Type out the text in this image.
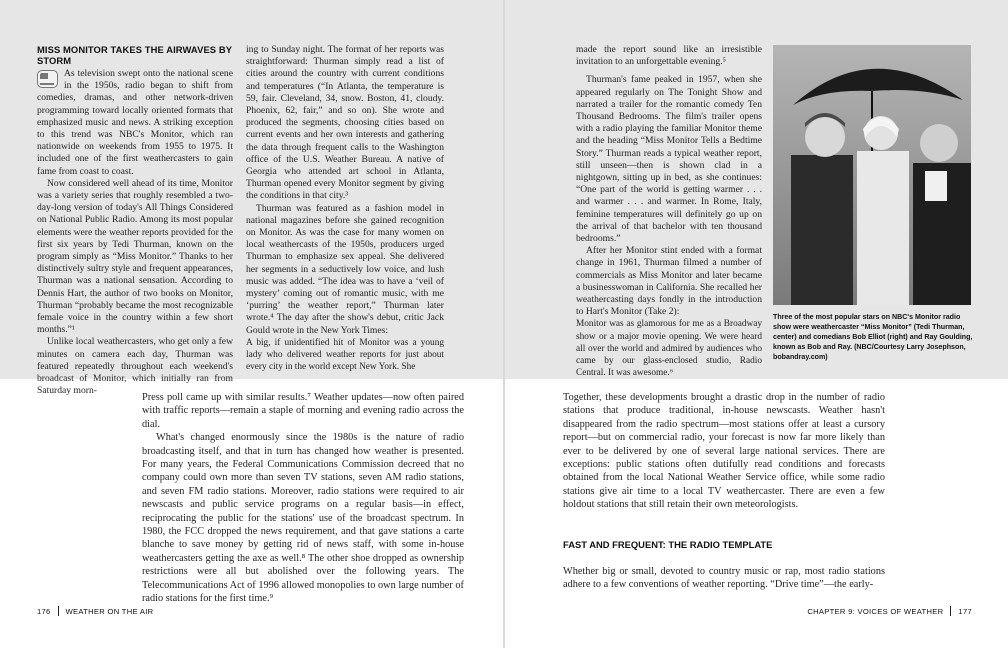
MISS MONITOR TAKES THE AIRWAVES BY STORM

As television swept onto the national scene in the 1950s, radio began to shift from comedies, dramas, and other network-driven programming toward locally oriented formats that emphasized music and news. A striking exception to this trend was NBC's Monitor, which ran nationwide on weekends from 1955 to 1975. It included one of the first weathercasters to gain fame from coast to coast.

Now considered well ahead of its time, Monitor was a variety series that roughly resembled a two-day-long version of today's All Things Considered on National Public Radio. Among its most popular elements were the weather reports provided for the first six years by Tedi Thurman, known on the program simply as “Miss Monitor.” Thanks to her distinctively sultry style and frequent appearances, Thurman was a national sensation. According to Dennis Hart, the author of two books on Monitor, Thurman “probably became the most recognizable female voice in the country within a few short months.”¹

Unlike local weathercasters, who get only a few minutes on camera each day, Thurman was featured repeatedly throughout each weekend's broadcast of Monitor, which initially ran from Saturday morn-

ing to Sunday night. The format of her reports was straightforward: Thurman simply read a list of cities around the country with current conditions and temperatures (“In Atlanta, the temperature is 59, fair. Cleveland, 34, snow. Boston, 41, cloudy. Phoenix, 62, fair,” and so on). She wrote and produced the segments, choosing cities based on current events and her own interests and gathering the data through frequent calls to the Washington office of the U.S. Weather Bureau. A native of Georgia who attended art school in Atlanta, Thurman opened every Monitor segment by giving the conditions in that city.³

Thurman was featured as a fashion model in national magazines before she gained recognition on Monitor. As was the case for many women on local weathercasts of the 1950s, producers urged Thurman to emphasize sex appeal. She delivered her segments in a seductively low voice, and lush music was added. “The idea was to have a ‘veil of mystery’ coming out of romantic music, with me ‘purring’ the weather report,” Thurman later wrote.⁴ The day after the show's debut, critic Jack Gould wrote in the New York Times:

A big, if unidentified hit of Monitor was a young lady who delivered weather reports for just about every city in the world except New York. She

made the report sound like an irresistible invitation to an unforgettable evening.⁵

Thurman's fame peaked in 1957, when she appeared regularly on The Tonight Show and narrated a trailer for the romantic comedy Ten Thousand Bedrooms. The film's trailer opens with a radio playing the familiar Monitor theme and the heading “Miss Monitor Tells a Bedtime Story.” Thurman reads a typical weather report, still unseen—then is shown clad in a nightgown, sitting up in bed, as she continues: “One part of the world is getting warmer . . . and warmer . . . and warmer. In Rome, Italy, feminine temperatures will definitely go up on the arrival of that bachelor with ten thousand bedrooms.”

After her Monitor stint ended with a format change in 1961, Thurman filmed a number of commercials as Miss Monitor and later became a businesswoman in California. She recalled her weathercasting days fondly in the introduction to Hart's Monitor (Take 2):

Monitor was as glamorous for me as a Broadway show or a major movie opening. We were heard all over the world and admired by audiences who came by our glass-enclosed studio, Radio Central. It was awesome.⁶

Three of the most popular stars on NBC's Monitor radio show were weathercaster “Miss Monitor” (Tedi Thurman, center) and comedians Bob Elliot (right) and Ray Goulding, known as Bob and Ray. (NBC/Courtesy Larry Josephson, bobandray.com)

Press poll came up with similar results.⁷ Weather updates—now often paired with traffic reports—remain a staple of morning and evening radio across the dial.

What's changed enormously since the 1980s is the nature of radio broadcasting itself, and that in turn has changed how weather is presented. For many years, the Federal Communications Commission decreed that no company could own more than seven TV stations, seven AM radio stations, and seven FM radio stations. Moreover, radio stations were required to air newscasts and public service programs on a regular basis—in effect, reciprocating the public for the stations' use of the broadcast spectrum. In 1980, the FCC dropped the news requirement, and that gave stations a carte blanche to save money by getting rid of news staff, with some in-house weathercasters getting the axe as well.⁸ The other shoe dropped as ownership restrictions were all but abolished over the following years. The Telecommunications Act of 1996 allowed monopolies to own large number of radio stations for the first time.⁹

Together, these developments brought a drastic drop in the number of radio stations that produce traditional, in-house newscasts. Weather hasn't disappeared from the radio spectrum—most stations offer at least a cursory report—but on commercial radio, your forecast is now far more likely than ever to be delivered by one of several large national services. There are exceptions: public stations often dutifully read conditions and forecasts obtained from the local National Weather Service office, while some radio stations give air time to a local TV weathercaster. There are even a few holdout stations that still retain their own meteorologists.

FAST AND FREQUENT: THE RADIO TEMPLATE

Whether big or small, devoted to country music or rap, most radio stations adhere to a few conventions of weather reporting. “Drive time”—the early-

176 WEATHER ON THE AIR	CHAPTER 9: VOICES OF WEATHER 177
